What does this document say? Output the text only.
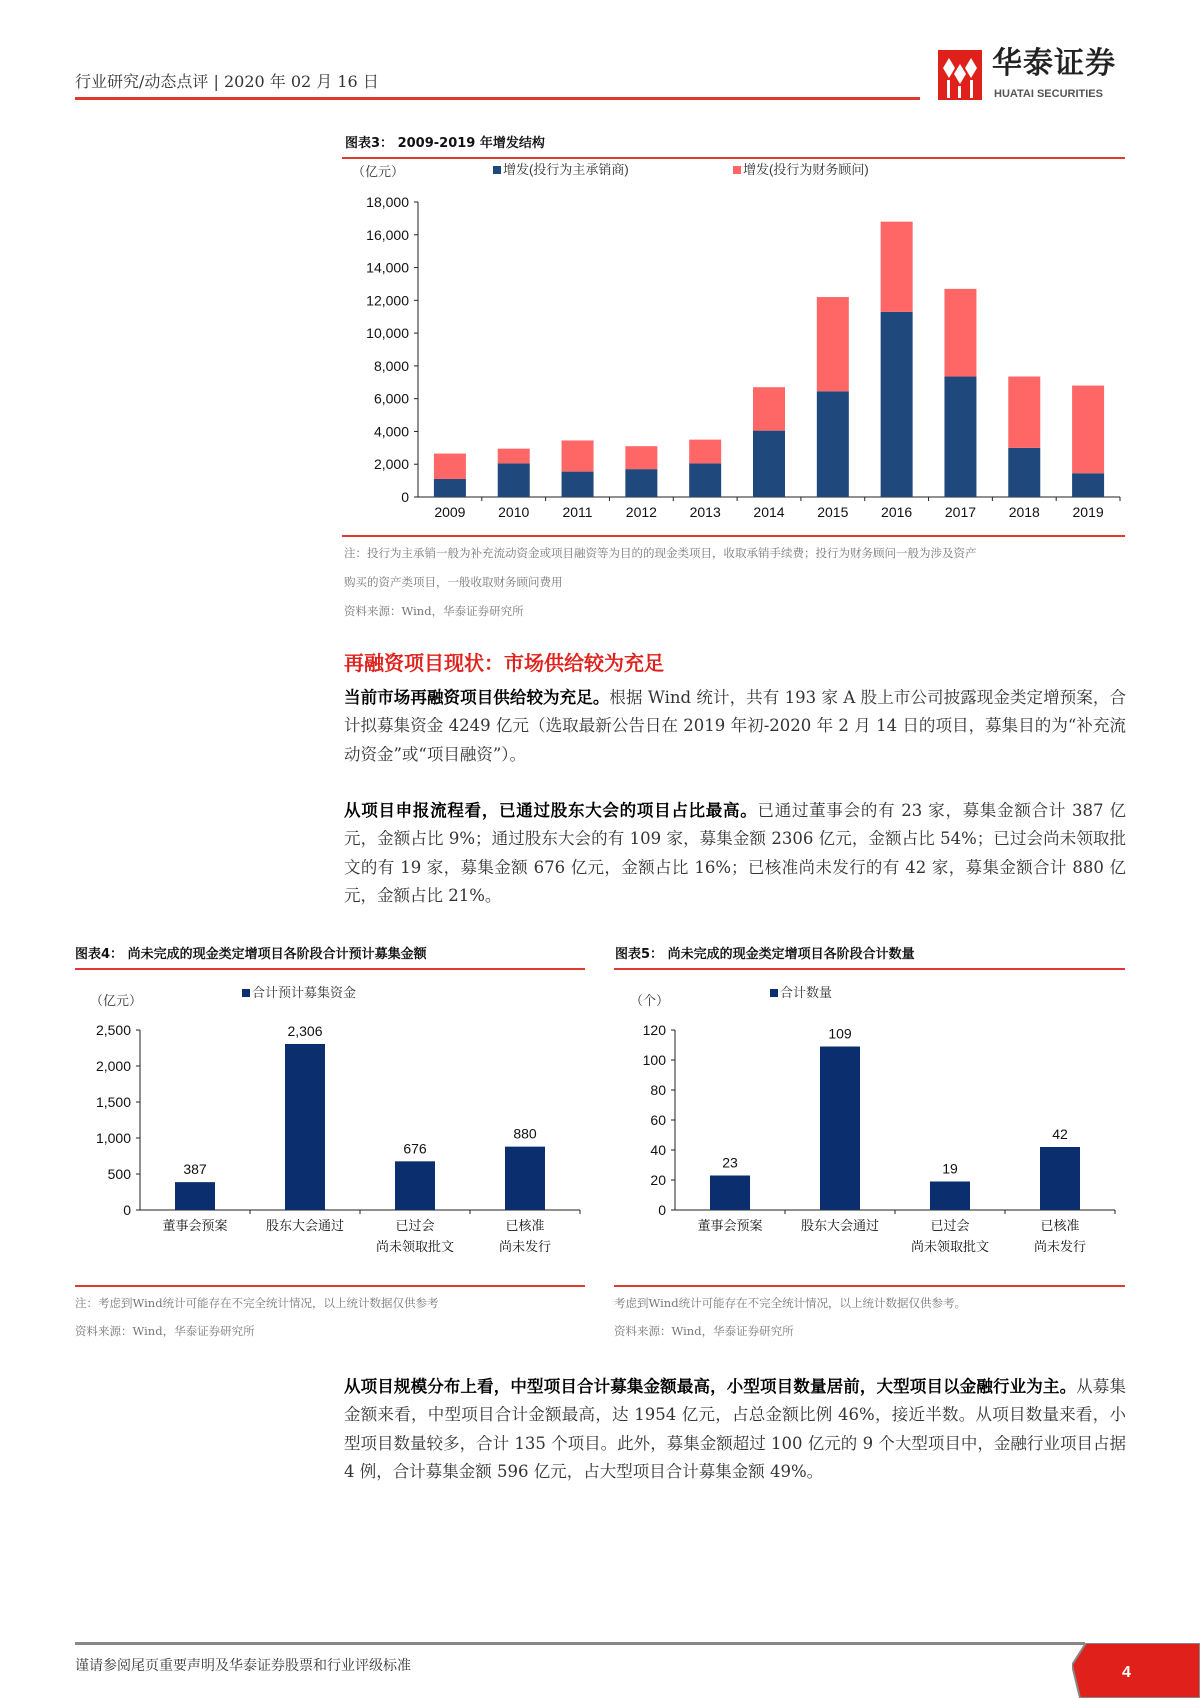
行业研究/动态点评 | 2020 年 02 月 16 日
华泰证券
HUATAI SECURITIES
图表3： 2009-2019 年增发结构
（亿元）	增发(投行为主承销商)	增发(投行为财务顾问)
0
2,000
4,000
6,000
8,000
10,000
12,000
14,000
16,000
18,000
2009 2010 2011 2012 2013 2014 2015 2016 2017 2018 2019
注：投行为主承销一般为补充流动资金或项目融资等为目的的现金类项目，收取承销手续费；投行为财务顾问一般为涉及资产
购买的资产类项目，一般收取财务顾问费用
资料来源：Wind，华泰证券研究所
再融资项目现状：市场供给较为充足
当前市场再融资项目供给较为充足。根据 Wind 统计，共有 193 家 A 股上市公司披露现金类定增预案，合计拟募集资金 4249 亿元（选取最新公告日在 2019 年初-2020 年 2 月 14 日的项目，募集目的为“补充流动资金”或“项目融资”）。
从项目申报流程看，已通过股东大会的项目占比最高。已通过董事会的有 23 家，募集金额合计 387 亿元，金额占比 9%；通过股东大会的有 109 家，募集金额 2306 亿元，金额占比 54%；已过会尚未领取批文的有 19 家，募集金额 676 亿元，金额占比 16%；已核准尚未发行的有 42 家，募集金额合计 880 亿元，金额占比 21%。
图表4： 尚未完成的现金类定增项目各阶段合计预计募集金额
（亿元）
合计预计募集资金
0
500
1,000
1,500
2,000
2,500
董事会预案
387
股东大会通过
2,306
已过会
尚未领取批文
676
已核准
尚未发行
880
注：考虑到Wind统计可能存在不完全统计情况，以上统计数据仅供参考
资料来源：Wind，华泰证券研究所
图表5： 尚未完成的现金类定增项目各阶段合计数量
（个）
合计数量
0
20
40
60
80
100
120
董事会预案
23
股东大会通过
109
已过会
尚未领取批文
19
已核准
尚未发行
42
考虑到Wind统计可能存在不完全统计情况，以上统计数据仅供参考。
资料来源：Wind，华泰证券研究所
从项目规模分布上看，中型项目合计募集金额最高，小型项目数量居前，大型项目以金融行业为主。从募集金额来看，中型项目合计金额最高，达 1954 亿元，占总金额比例 46%，接近半数。从项目数量来看，小型项目数量较多，合计 135 个项目。此外，募集金额超过 100 亿元的 9 个大型项目中，金融行业项目占据 4 例，合计募集金额 596 亿元，占大型项目合计募集金额 49%。
谨请参阅尾页重要声明及华泰证券股票和行业评级标准	4
